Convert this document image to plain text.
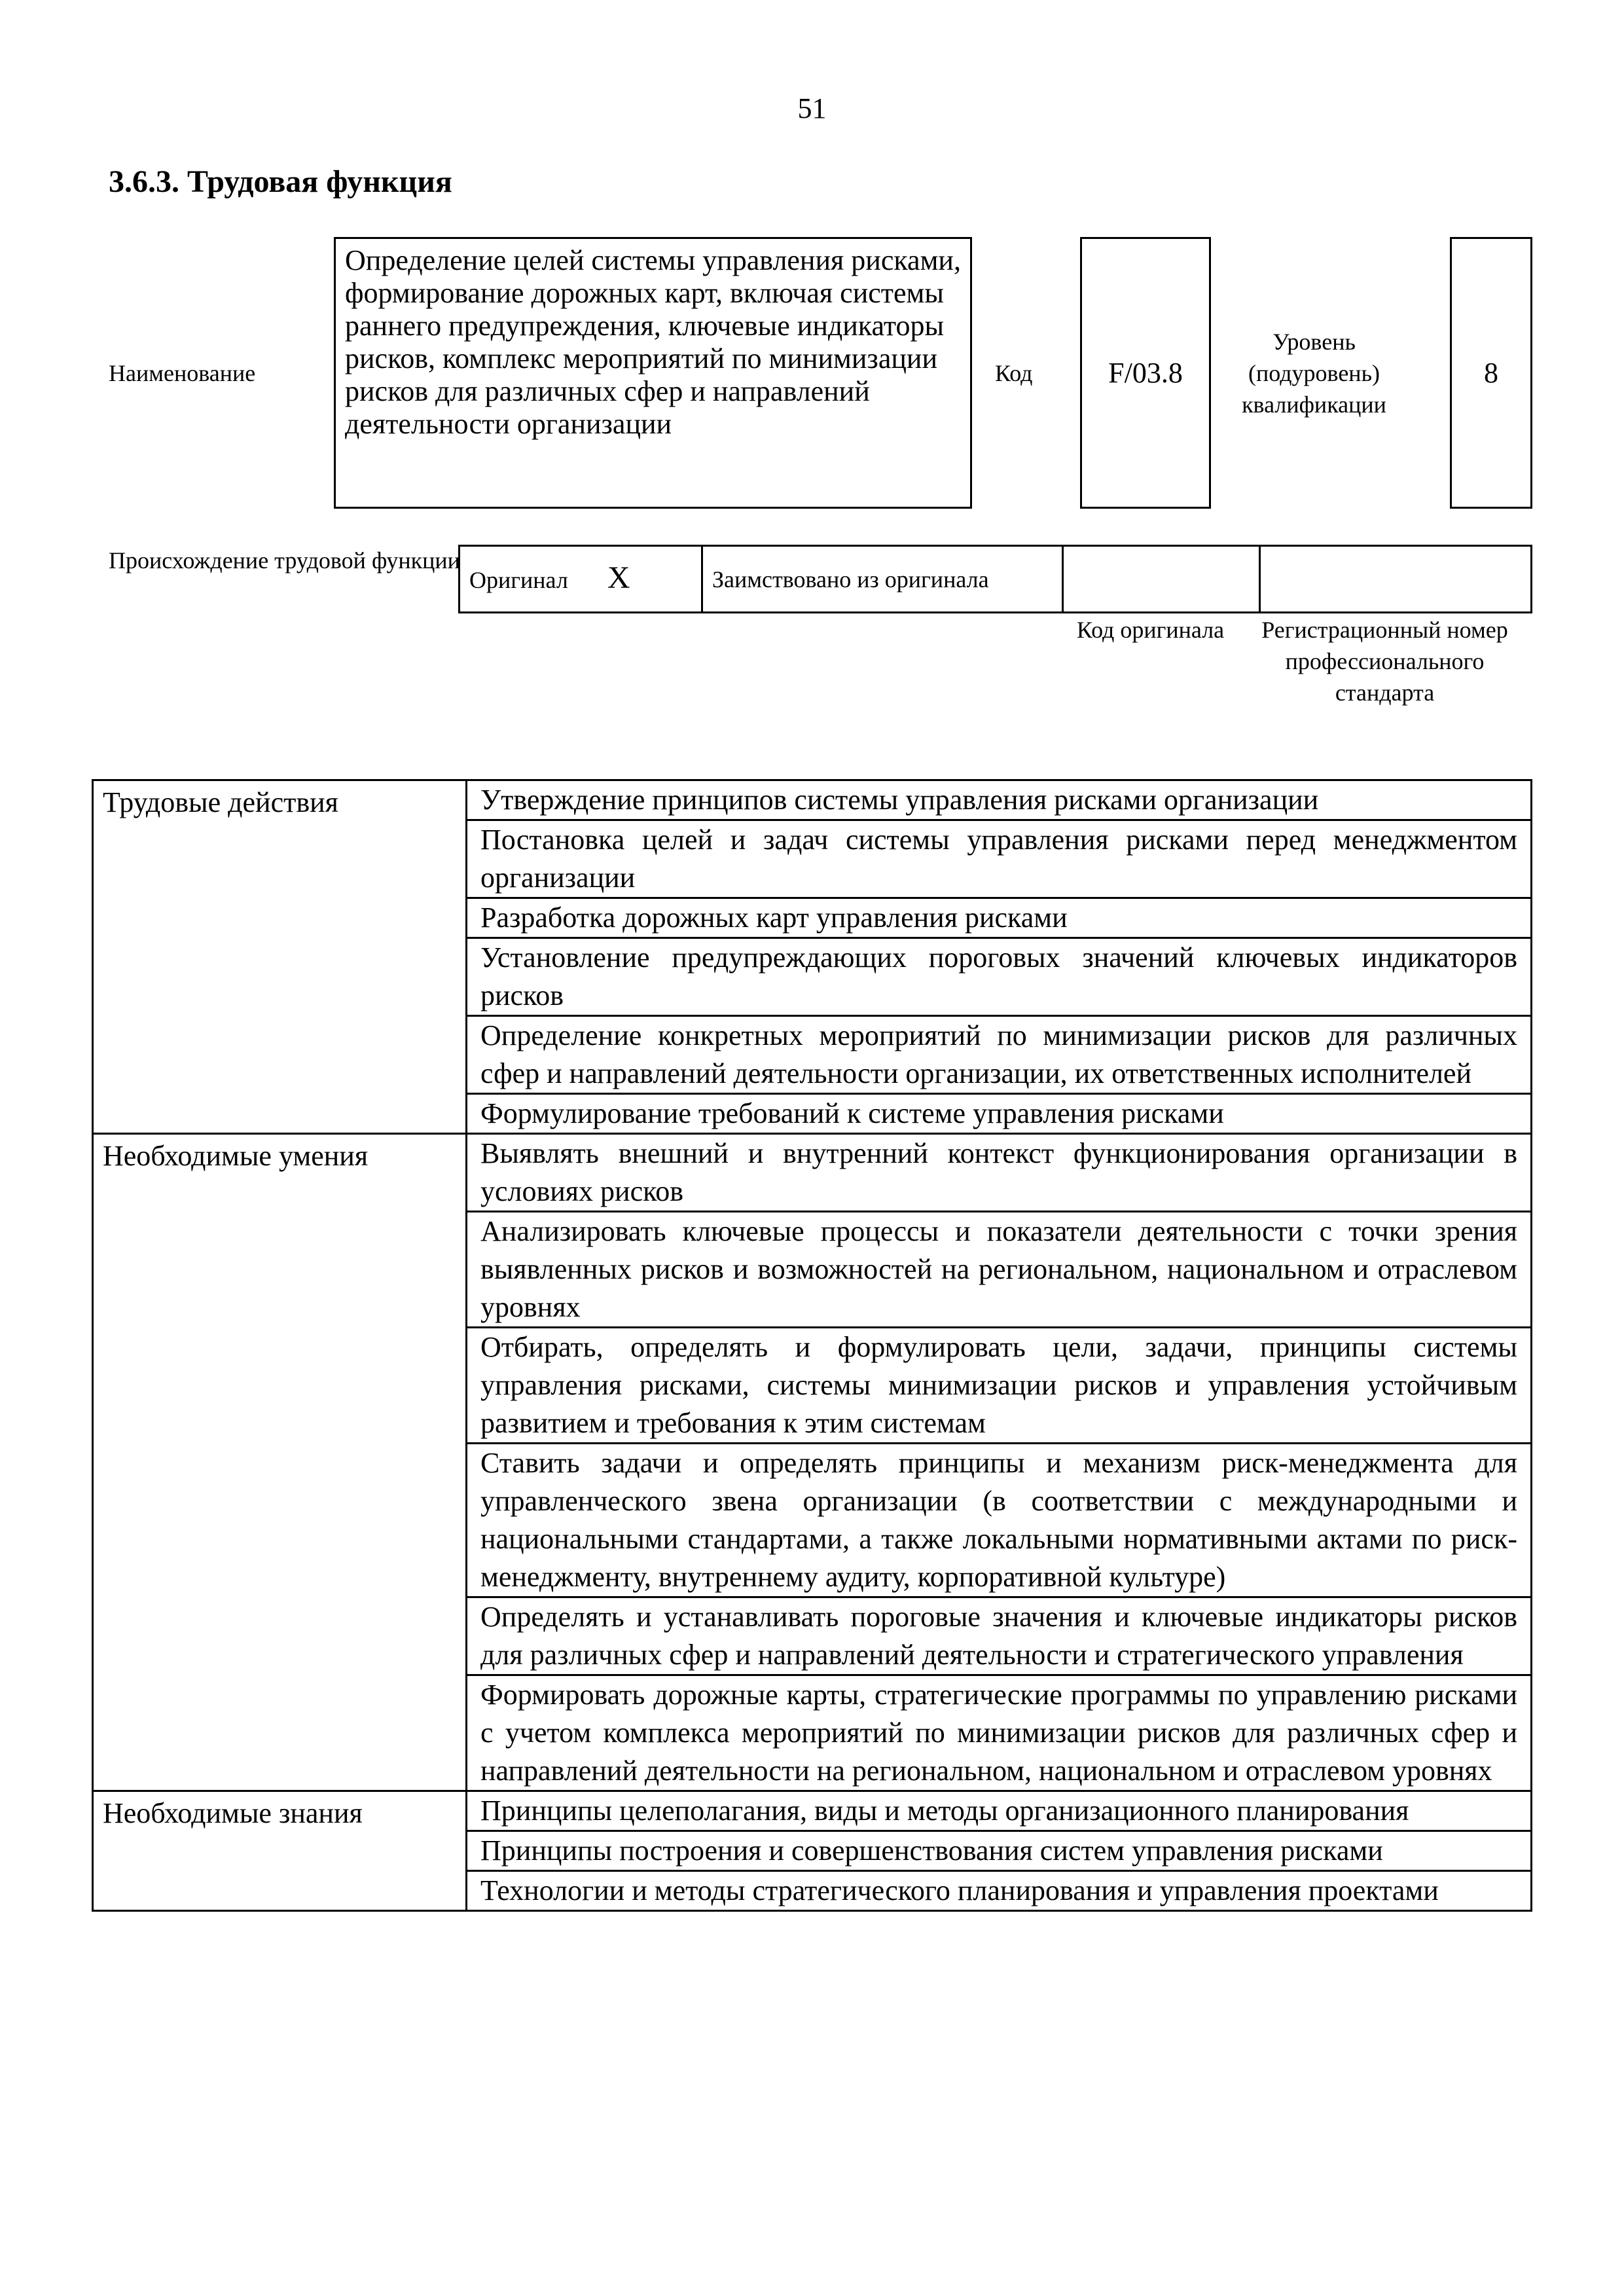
51
3.6.3. Трудовая функция
Наименование
Определение целей системы управления рисками, формирование дорожных карт, включая системы раннего предупреждения, ключевые индикаторы рисков, комплекс мероприятий по минимизации рисков для различных сфер и направлений деятельности организации
Код	F/03.8
Уровень (подуровень) квалификации
8
Происхождение трудовой функции
Оригинал X	Заимствовано из оригинала		
Код оригинала	Регистрационный номер профессионального стандарта
Трудовые действия	Утверждение принципов системы управления рисками организации
	Постановка целей и задач системы управления рисками перед менеджментом организации
	Разработка дорожных карт управления рисками
	Установление предупреждающих пороговых значений ключевых индикаторов рисков
	Определение конкретных мероприятий по минимизации рисков для различных сфер и направлений деятельности организации, их ответственных исполнителей
	Формулирование требований к системе управления рисками
Необходимые умения	Выявлять внешний и внутренний контекст функционирования организации в условиях рисков
	Анализировать ключевые процессы и показатели деятельности с точки зрения выявленных рисков и возможностей на региональном, национальном и отраслевом уровнях
	Отбирать, определять и формулировать цели, задачи, принципы системы управления рисками, системы минимизации рисков и управления устойчивым развитием и требования к этим системам
	Ставить задачи и определять принципы и механизм риск-менеджмента для управленческого звена организации (в соответствии с международными и национальными стандартами, а также локальными нормативными актами по риск-менеджменту, внутреннему аудиту, корпоративной культуре)
	Определять и устанавливать пороговые значения и ключевые индикаторы рисков для различных сфер и направлений деятельности и стратегического управления
	Формировать дорожные карты, стратегические программы по управлению рисками с учетом комплекса мероприятий по минимизации рисков для различных сфер и направлений деятельности на региональном, национальном и отраслевом уровнях
Необходимые знания	Принципы целеполагания, виды и методы организационного планирования
	Принципы построения и совершенствования систем управления рисками
	Технологии и методы стратегического планирования и управления проектами
